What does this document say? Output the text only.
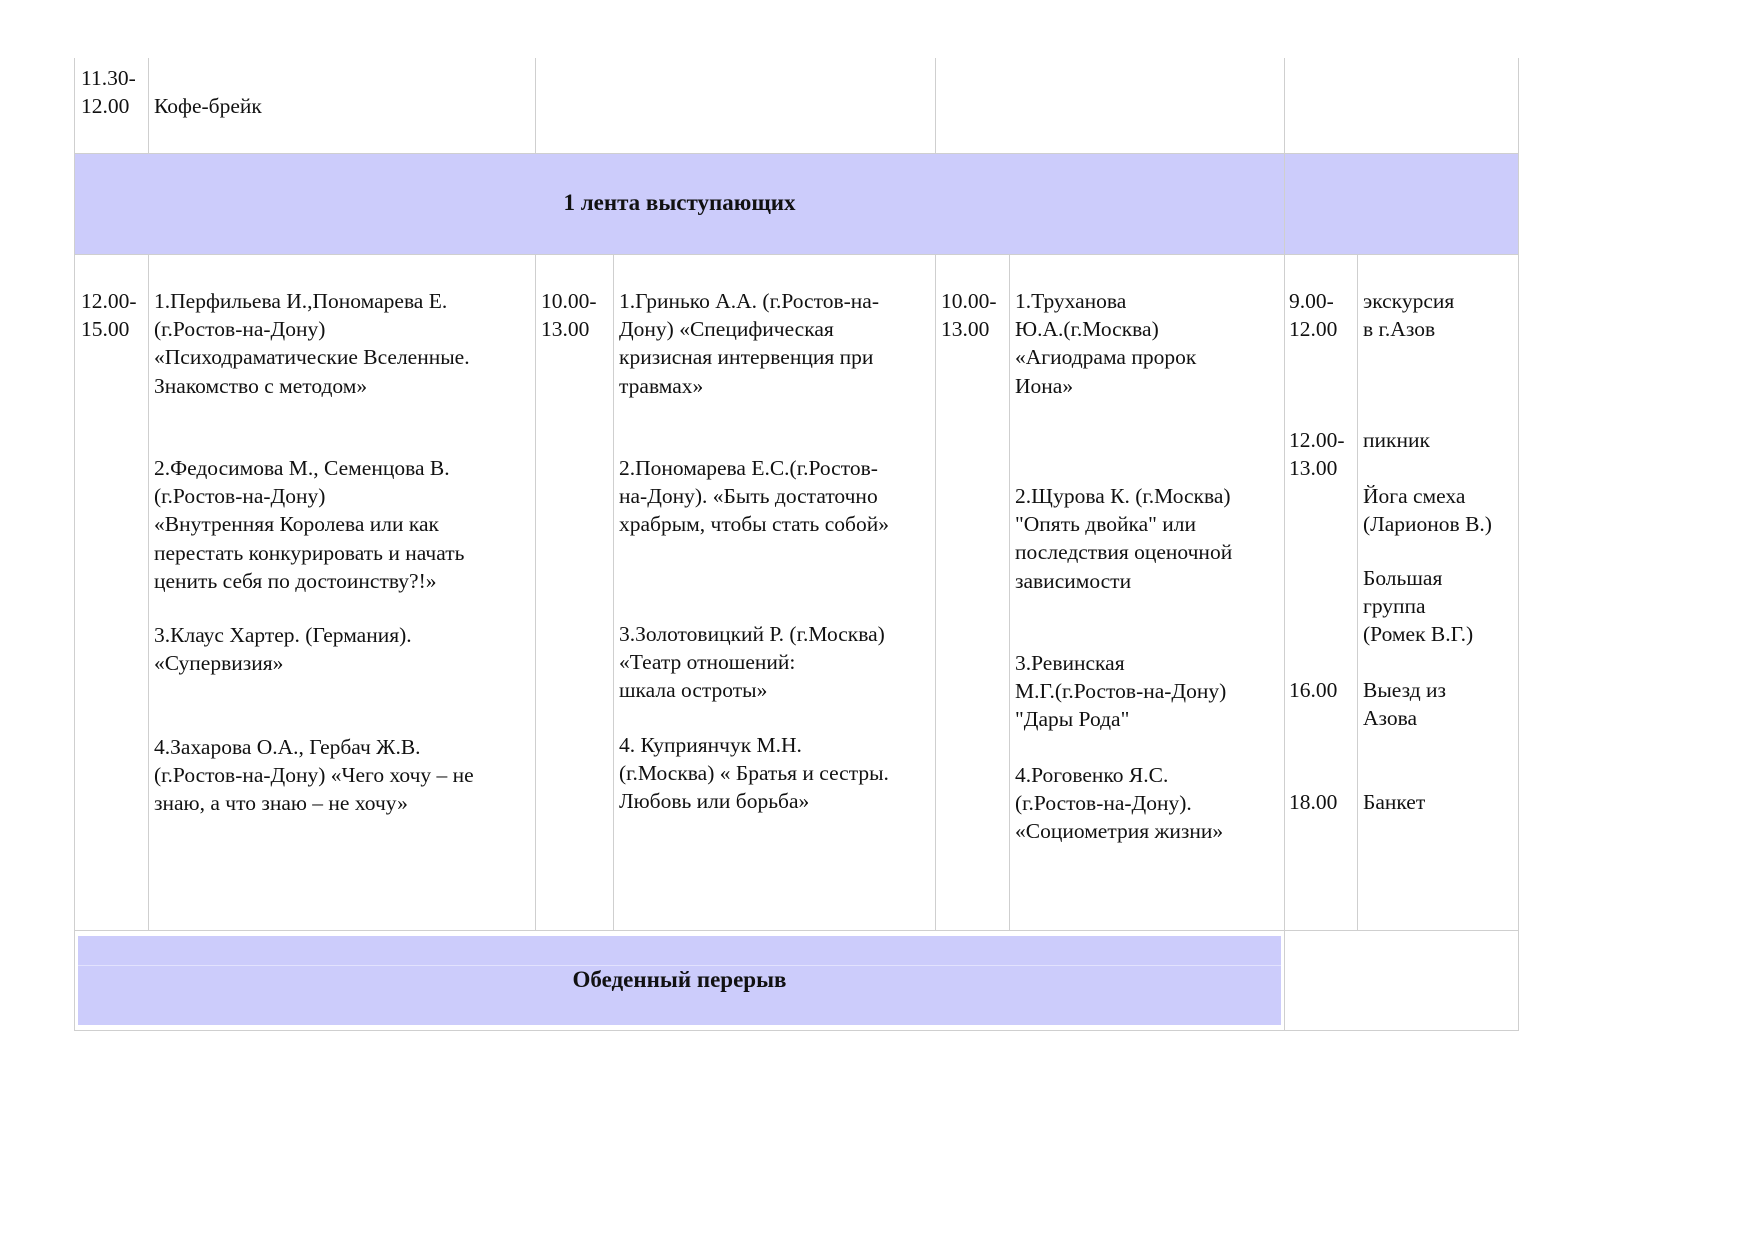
11.30-
12.00 Кофе-брейк
1 лента выступающих
12.00-
15.00
1.Перфильева И.,Пономарева Е.
(г.Ростов-на-Дону)
«Психодраматические Вселенные.
Знакомство с методом»
2.Федосимова М., Семенцова В.
(г.Ростов-на-Дону)
«Внутренняя Королева или как
перестать конкурировать и начать
ценить себя по достоинству?!»
3.Клаус Хартер. (Германия).
«Супервизия»
4.Захарова О.А., Гербач Ж.В.
(г.Ростов-на-Дону) «Чего хочу – не
знаю, а что знаю – не хочу»
10.00-
13.00
1.Гринько А.А. (г.Ростов-на-
Дону) «Специфическая
кризисная интервенция при
травмах»
2.Пономарева Е.С.(г.Ростов-
на-Дону). «Быть достаточно
храбрым, чтобы стать собой»
3.Золотовицкий Р. (г.Москва)
«Театр отношений:
шкала остроты»
4. Куприянчук М.Н.
(г.Москва) « Братья и сестры.
Любовь или борьба»
10.00-
13.00
1.Труханова
Ю.А.(г.Москва)
«Агиодрама пророк
Иона»
2.Щурова К. (г.Москва)
"Опять двойка" или
последствия оценочной
зависимости
3.Ревинская
М.Г.(г.Ростов-на-Дону)
"Дары Рода"
4.Роговенко Я.С.
(г.Ростов-на-Дону).
«Социометрия жизни»
9.00-
12.00
экскурсия
в г.Азов
12.00-
13.00
пикник
Йога смеха
(Ларионов В.)
Большая
группа
(Ромек В.Г.)
16.00 Выезд из
Азова
18.00 Банкет
Обеденный перерыв
